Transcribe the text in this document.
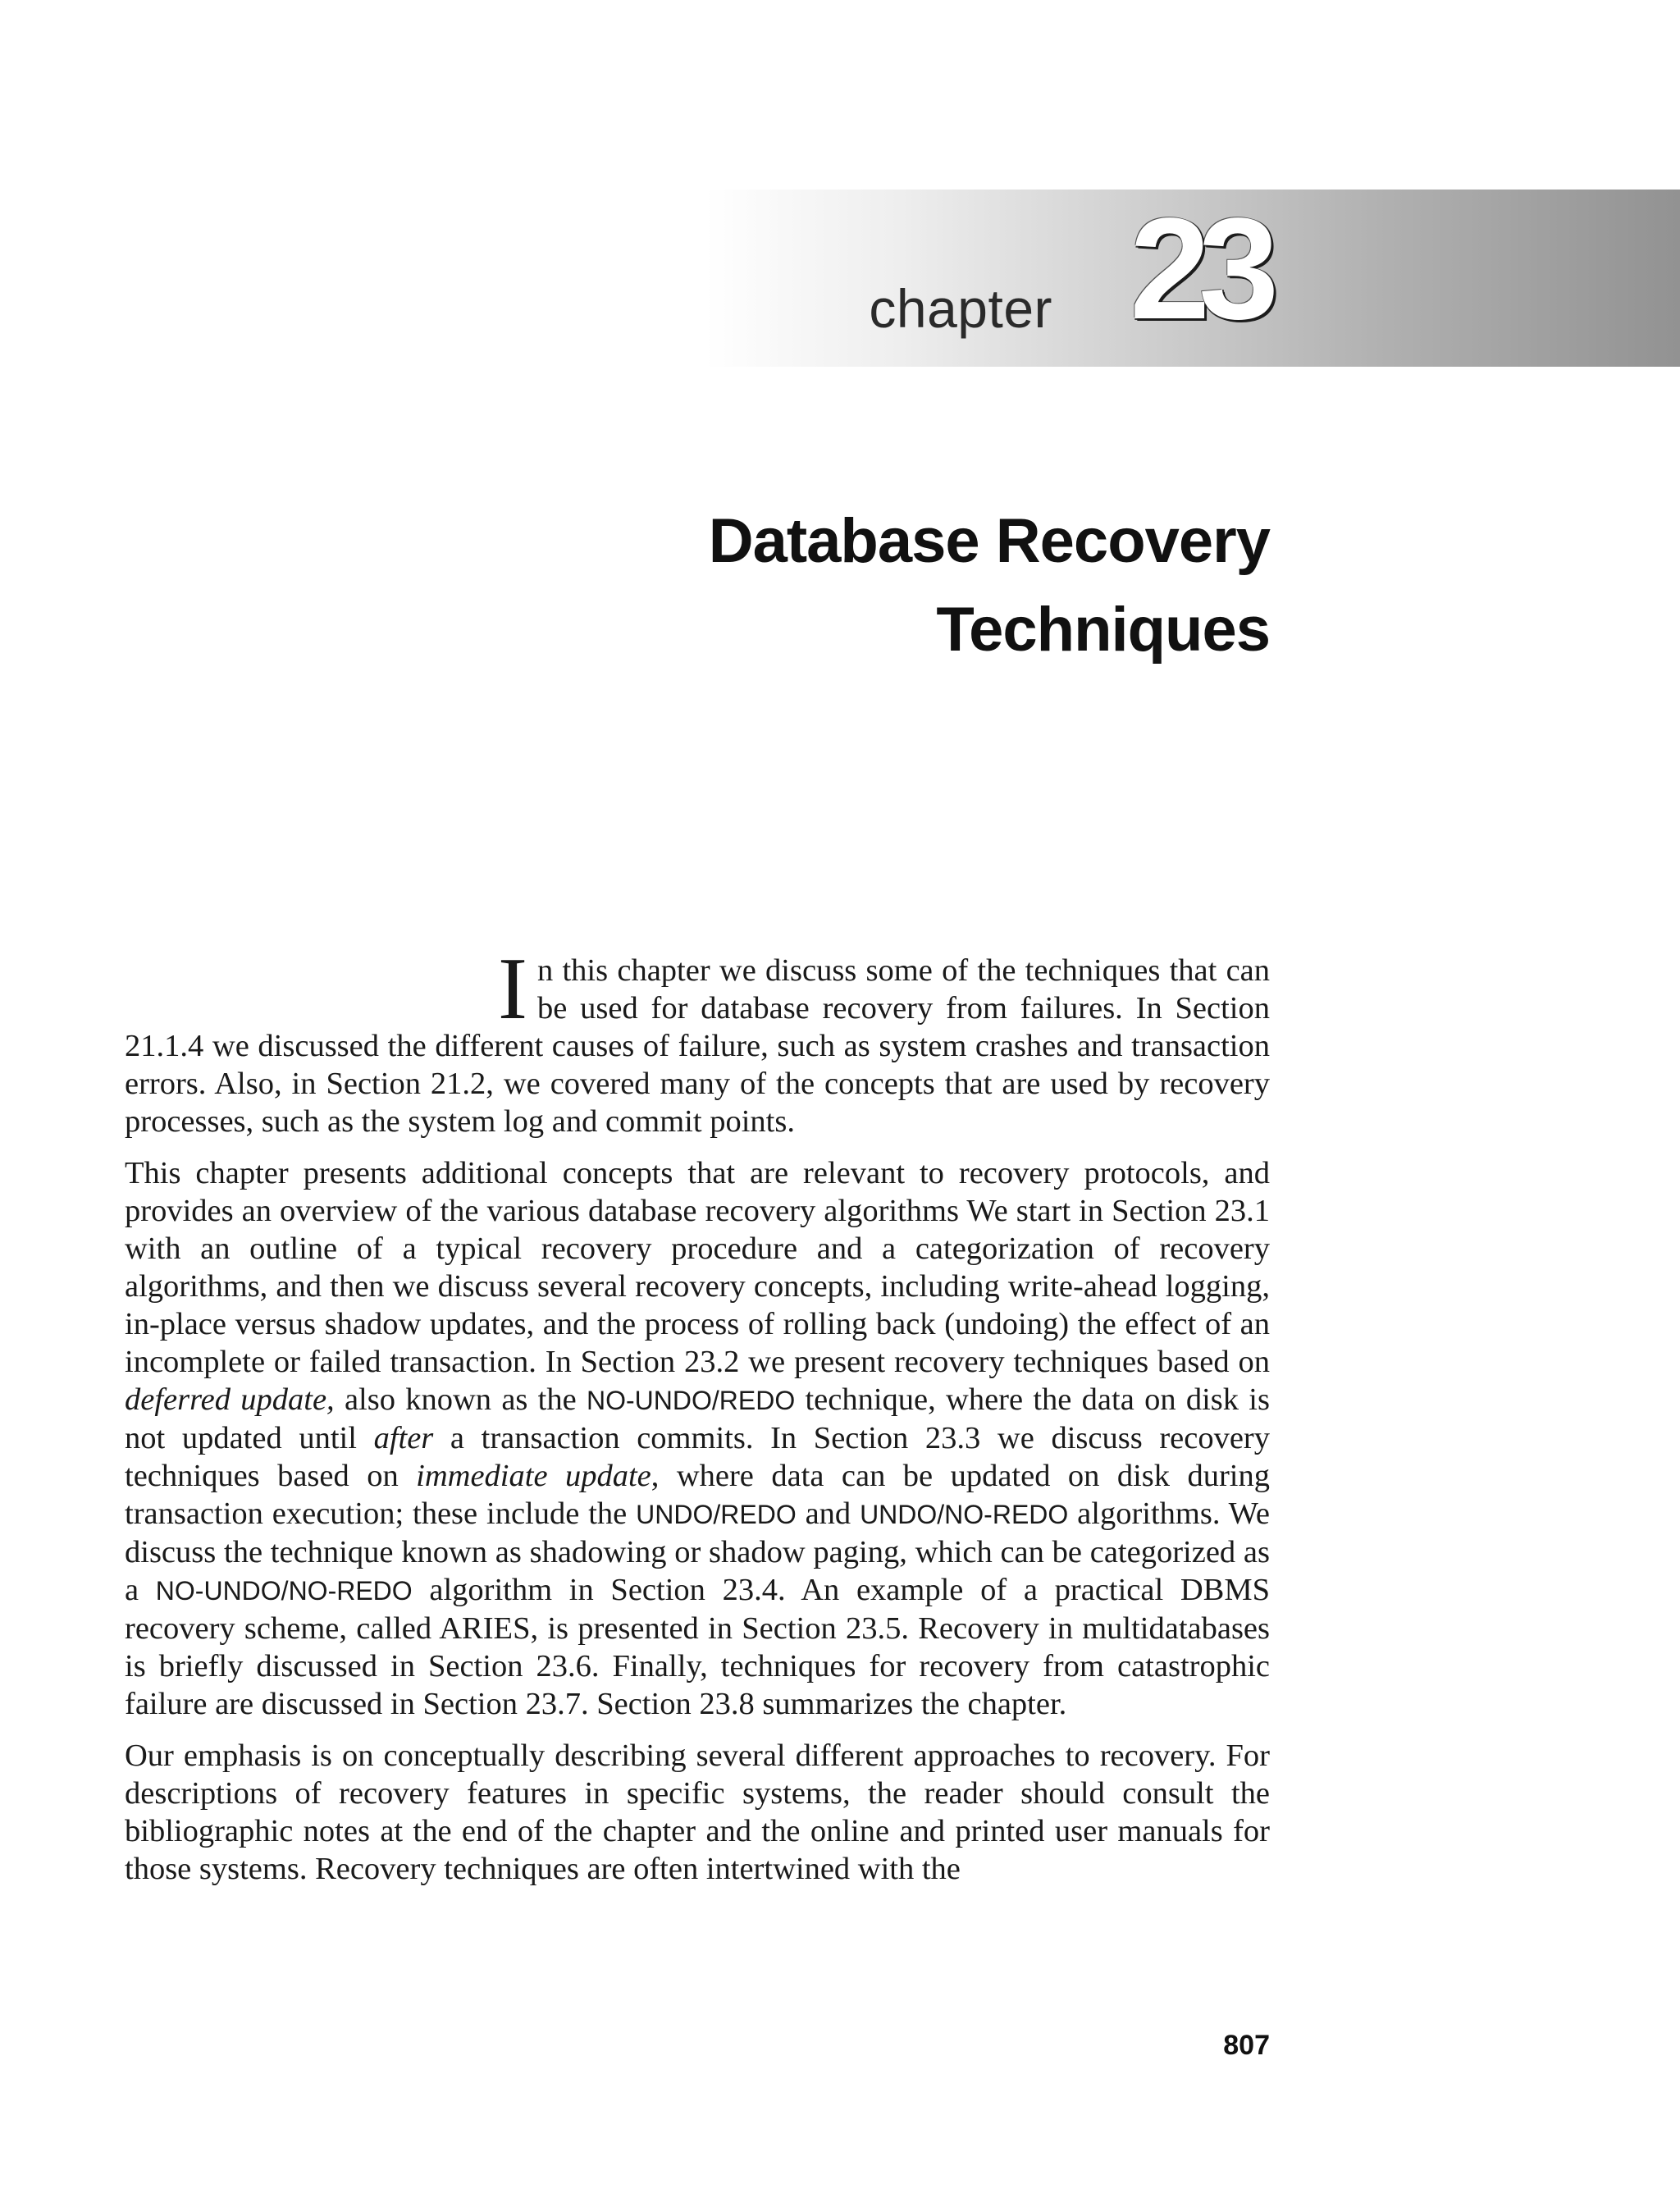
chapter 23
Database Recovery
Techniques

I n this chapter we discuss some of the techniques that can be used for database recovery from failures. In Section 21.1.4 we discussed the different causes of failure, such as system crashes and transaction errors. Also, in Section 21.2, we covered many of the concepts that are used by recovery processes, such as the system log and commit points.

This chapter presents additional concepts that are relevant to recovery protocols, and provides an overview of the various database recovery algorithms We start in Section 23.1 with an outline of a typical recovery procedure and a categorization of recovery algorithms, and then we discuss several recovery concepts, including write-ahead logging, in-place versus shadow updates, and the process of rolling back (undoing) the effect of an incomplete or failed transaction. In Section 23.2 we present recovery techniques based on deferred update, also known as the NO-UNDO/REDO technique, where the data on disk is not updated until after a transaction commits. In Section 23.3 we discuss recovery techniques based on immediate update, where data can be updated on disk during transaction execution; these include the UNDO/REDO and UNDO/NO-REDO algorithms. We discuss the technique known as shadowing or shadow paging, which can be categorized as a NO-UNDO/NO-REDO algorithm in Section 23.4. An example of a practical DBMS recovery scheme, called ARIES, is presented in Section 23.5. Recovery in multidatabases is briefly discussed in Section 23.6. Finally, techniques for recovery from catastrophic failure are discussed in Section 23.7. Section 23.8 summarizes the chapter.

Our emphasis is on conceptually describing several different approaches to recovery. For descriptions of recovery features in specific systems, the reader should consult the bibliographic notes at the end of the chapter and the online and printed user manuals for those systems. Recovery techniques are often intertwined with the

807
